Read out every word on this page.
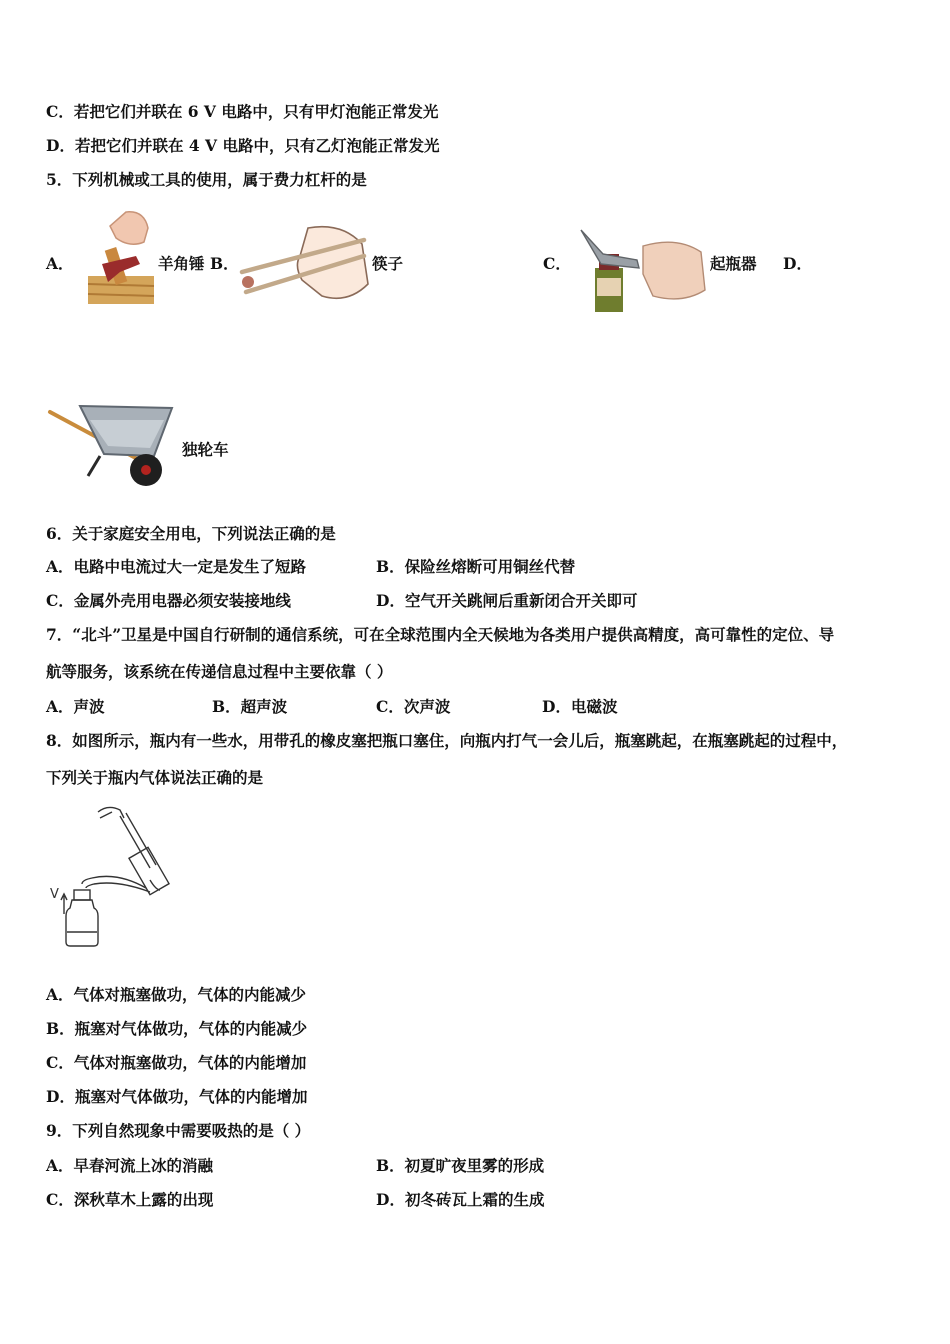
C．若把它们并联在 6 V 电路中，只有甲灯泡能正常发光
D．若把它们并联在 4 V 电路中，只有乙灯泡能正常发光
5．下列机械或工具的使用，属于费力杠杆的是
A．	羊角锤 B．	筷子	C．	起瓶器 D．
独轮车
6．关于家庭安全用电，下列说法正确的是
A．电路中电流过大一定是发生了短路	B．保险丝熔断可用铜丝代替
C．金属外壳用电器必须安装接地线	D．空气开关跳闸后重新闭合开关即可
7．“北斗”卫星是中国自行研制的通信系统，可在全球范围内全天候地为各类用户提供高精度，高可靠性的定位、导
航等服务，该系统在传递信息过程中主要依靠（ ）
A．声波	B．超声波	C．次声波	D．电磁波
8．如图所示，瓶内有一些水，用带孔的橡皮塞把瓶口塞住，向瓶内打气一会儿后，瓶塞跳起，在瓶塞跳起的过程中，
下列关于瓶内气体说法正确的是
V
A．气体对瓶塞做功，气体的内能减少
B．瓶塞对气体做功，气体的内能减少
C．气体对瓶塞做功，气体的内能增加
D．瓶塞对气体做功，气体的内能增加
9．下列自然现象中需要吸热的是（ ）
A．早春河流上冰的消融	B．初夏旷夜里雾的形成
C．深秋草木上露的出现	D．初冬砖瓦上霜的生成
